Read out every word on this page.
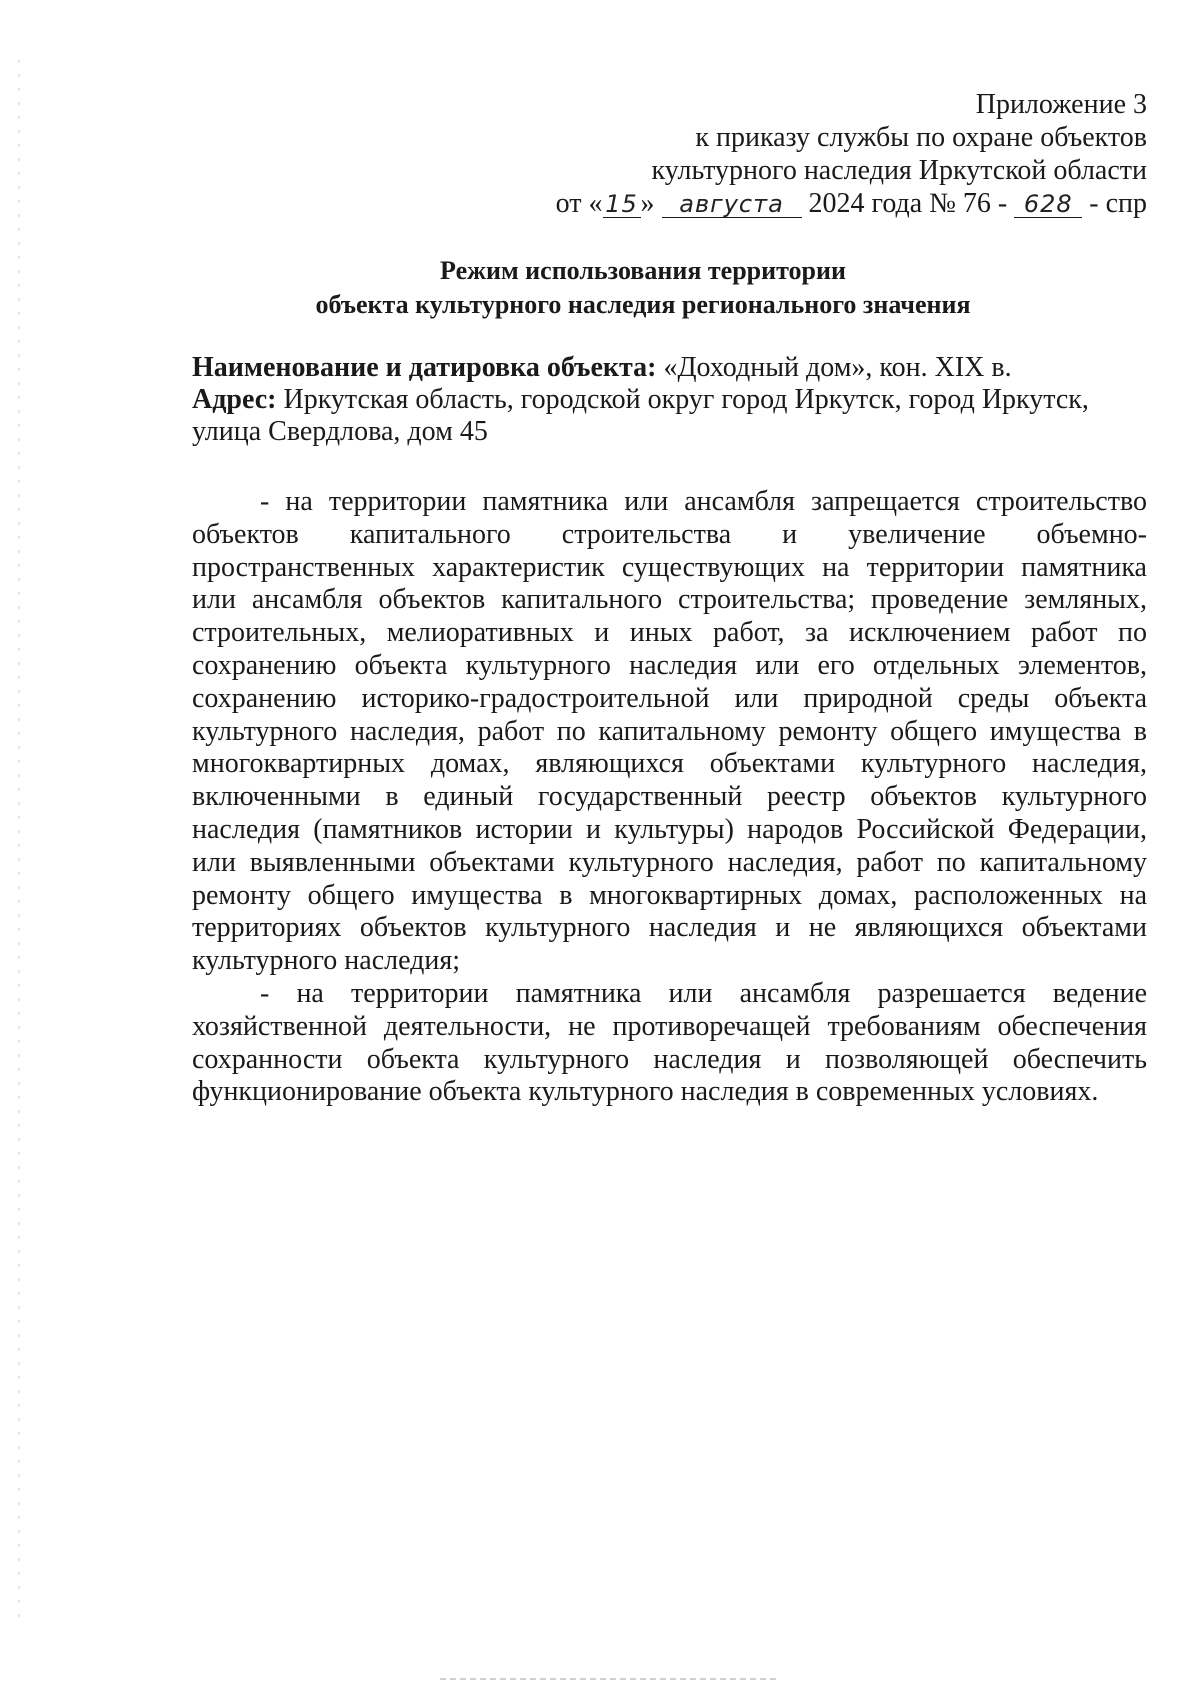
Приложение 3
к приказу службы по охране объектов
культурного наследия Иркутской области
от « 15» августа 2024 года № 76 - 628 - спр
Режим использования территории
объекта культурного наследия регионального значения

Наименование и датировка объекта: «Доходный дом», кон. XIX в.

Адрес: Иркутская область, городской округ город Иркутск, город Иркутск, улица Свердлова, дом 45

- на территории памятника или ансамбля запрещается строительство объектов капитального строительства и увеличение объемно-пространственных характеристик существующих на территории памятника или ансамбля объектов капитального строительства; проведение земляных, строительных, мелиоративных и иных работ, за исключением работ по сохранению объекта культурного наследия или его отдельных элементов, сохранению историко-градостроительной или природной среды объекта культурного наследия, работ по капитальному ремонту общего имущества в многоквартирных домах, являющихся объектами культурного наследия, включенными в единый государственный реестр объектов культурного наследия (памятников истории и культуры) народов Российской Федерации, или выявленными объектами культурного наследия, работ по капитальному ремонту общего имущества в многоквартирных домах, расположенных на территориях объектов культурного наследия и не являющихся объектами культурного наследия;

- на территории памятника или ансамбля разрешается ведение хозяйственной деятельности, не противоречащей требованиям обеспечения сохранности объекта культурного наследия и позволяющей обеспечить функционирование объекта культурного наследия в современных условиях.
